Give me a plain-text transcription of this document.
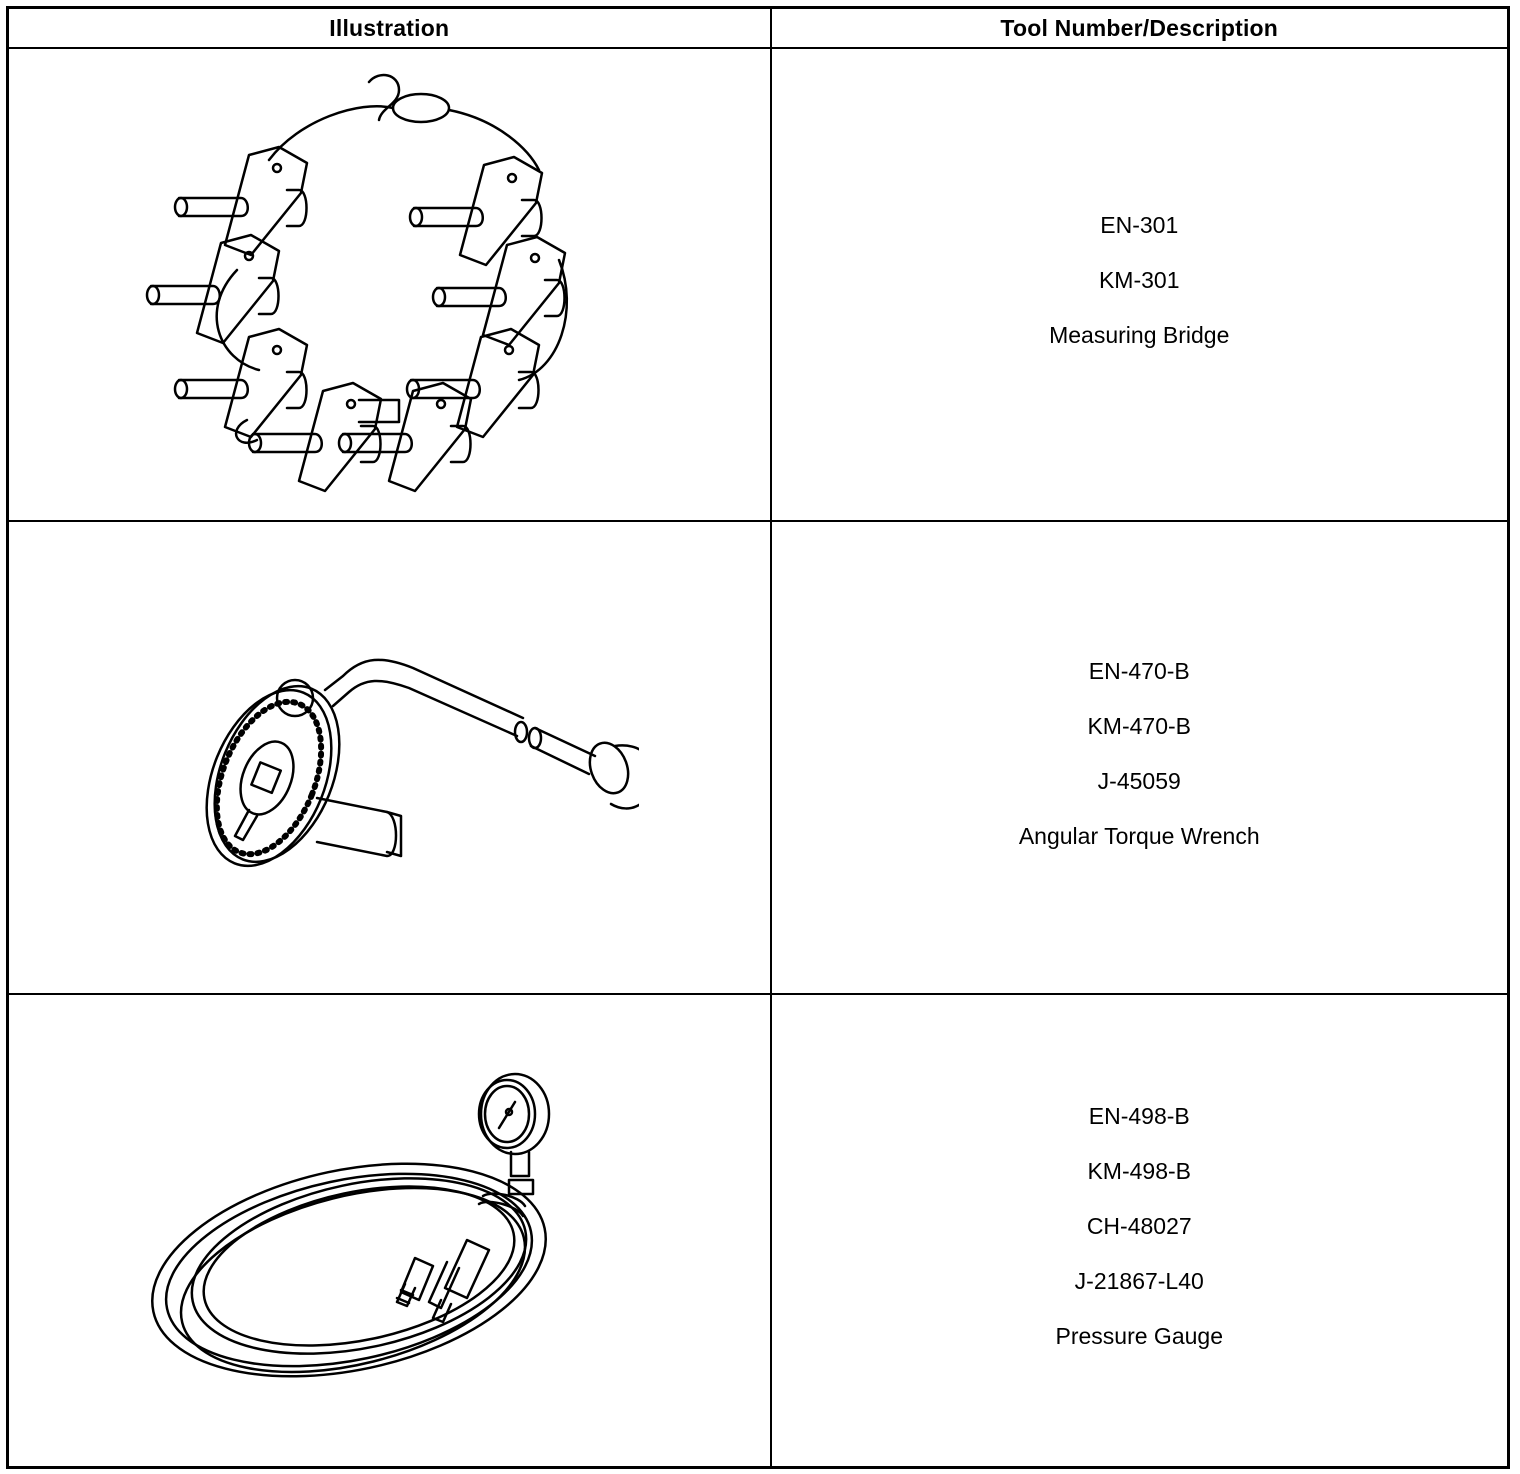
Illustration	Tool Number/Description

EN-301
KM-301
Measuring Bridge

EN-470-B
KM-470-B
J-45059
Angular Torque Wrench

EN-498-B
KM-498-B
CH-48027
J-21867-L40
Pressure Gauge
